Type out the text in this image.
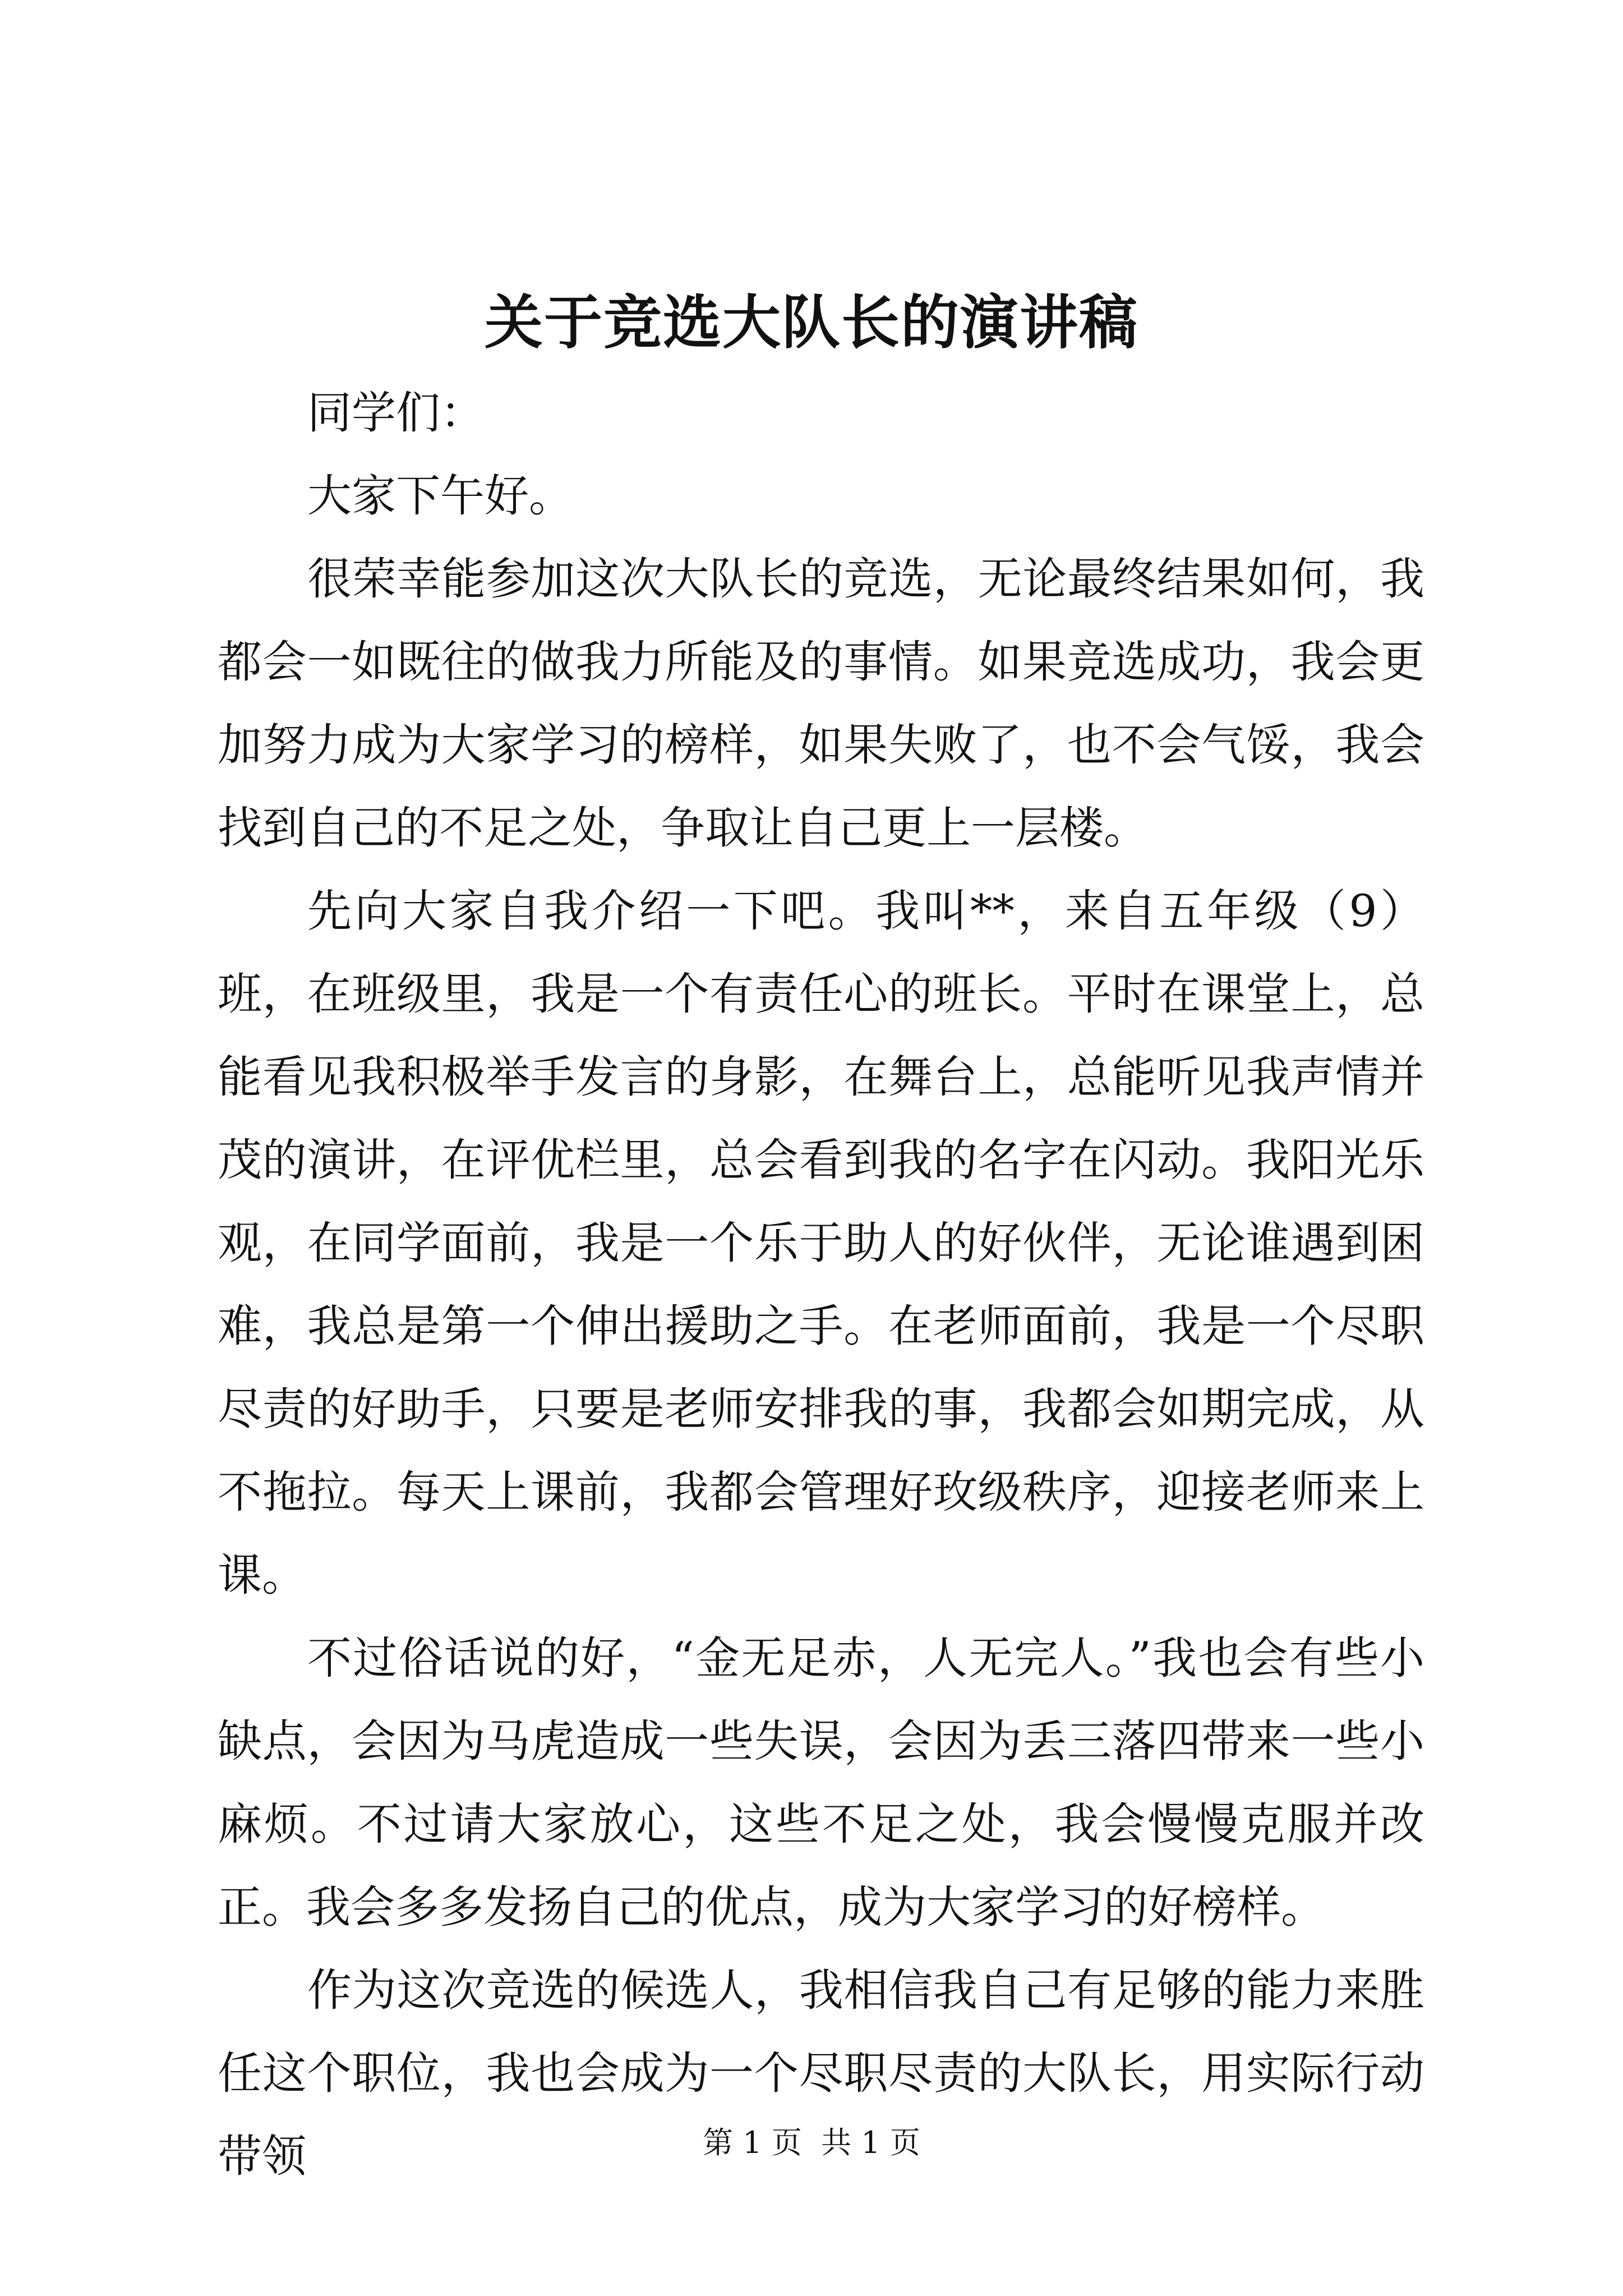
关于竞选大队长的演讲稿

同学们：

大家下午好。

很荣幸能参加这次大队长的竞选，无论最终结果如何，我都会一如既往的做我力所能及的事情。如果竞选成功，我会更加努力成为大家学习的榜样，如果失败了，也不会气馁，我会找到自己的不足之处，争取让自己更上一层楼。

先向大家自我介绍一下吧。我叫**，来自五年级（9）班，在班级里，我是一个有责任心的班长。平时在课堂上，总能看见我积极举手发言的身影，在舞台上，总能听见我声情并茂的演讲，在评优栏里，总会看到我的名字在闪动。我阳光乐观，在同学面前，我是一个乐于助人的好伙伴，无论谁遇到困难，我总是第一个伸出援助之手。在老师面前，我是一个尽职尽责的好助手，只要是老师安排我的事，我都会如期完成，从不拖拉。每天上课前，我都会管理好玫级秩序，迎接老师来上课。

不过俗话说的好，“金无足赤，人无完人。”我也会有些小缺点，会因为马虎造成一些失误，会因为丢三落四带来一些小麻烦。不过请大家放心，这些不足之处，我会慢慢克服并改正。我会多多发扬自己的优点，成为大家学习的好榜样。

作为这次竞选的候选人，我相信我自己有足够的能力来胜任这个职位，我也会成为一个尽职尽责的大队长，用实际行动带领	第 1 页  共 1 页
